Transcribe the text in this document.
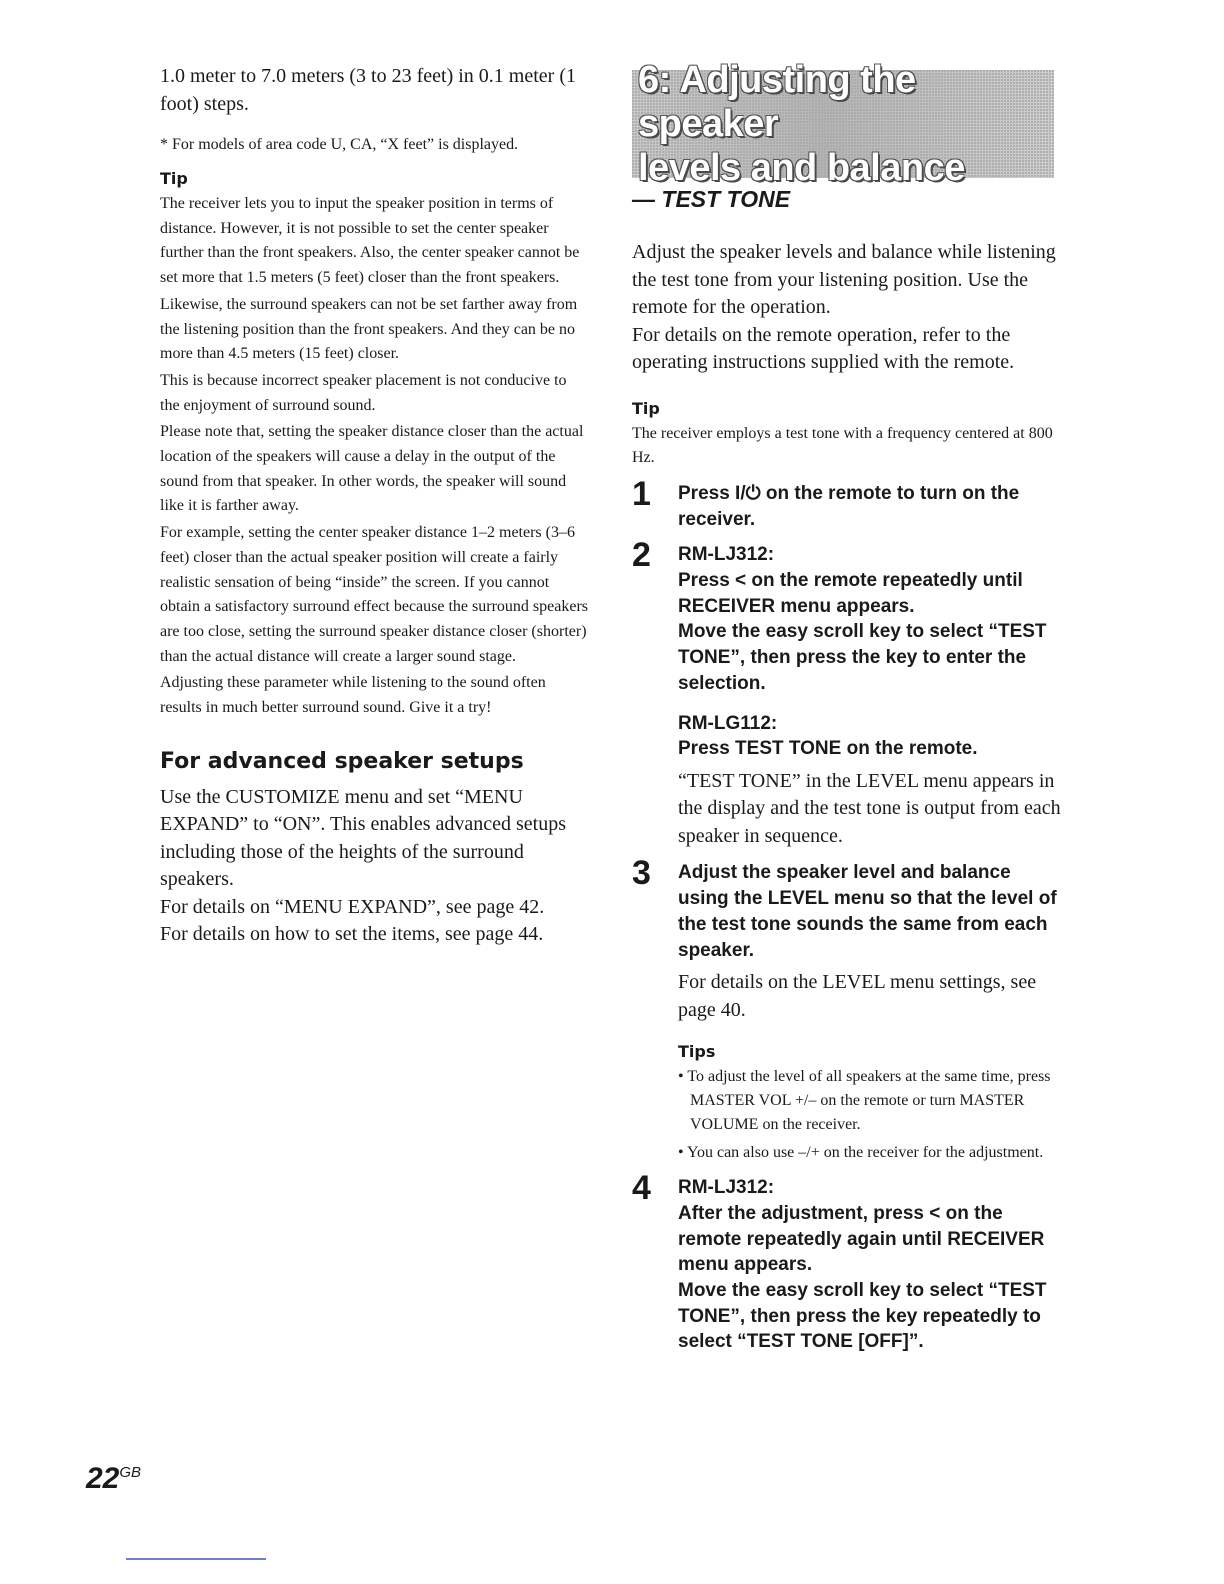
1.0 meter to 7.0 meters (3 to 23 feet) in 0.1 meter (1 foot) steps.

* For models of area code U, CA, “X feet” is displayed.

Tip

The receiver lets you to input the speaker position in terms of distance. However, it is not possible to set the center speaker further than the front speakers. Also, the center speaker cannot be set more that 1.5 meters (5 feet) closer than the front speakers.

Likewise, the surround speakers can not be set farther away from the listening position than the front speakers. And they can be no more than 4.5 meters (15 feet) closer.

This is because incorrect speaker placement is not conducive to the enjoyment of surround sound.

Please note that, setting the speaker distance closer than the actual location of the speakers will cause a delay in the output of the sound from that speaker. In other words, the speaker will sound like it is farther away.

For example, setting the center speaker distance 1–2 meters (3–6 feet) closer than the actual speaker position will create a fairly realistic sensation of being “inside” the screen. If you cannot obtain a satisfactory surround effect because the surround speakers are too close, setting the surround speaker distance closer (shorter) than the actual distance will create a larger sound stage.

Adjusting these parameter while listening to the sound often results in much better surround sound. Give it a try!

For advanced speaker setups

Use the CUSTOMIZE menu and set “MENU EXPAND” to “ON”. This enables advanced setups including those of the heights of the surround speakers.

For details on “MENU EXPAND”, see page 42.

For details on how to set the items, see page 44.

6: Adjusting the speaker
levels and balance
— TEST TONE

Adjust the speaker levels and balance while listening the test tone from your listening position. Use the remote for the operation.

For details on the remote operation, refer to the operating instructions supplied with the remote.

Tip

The receiver employs a test tone with a frequency centered at 800 Hz.

1 Press I/⏻ on the remote to turn on the receiver.

2 RM-LJ312:

Press < on the remote repeatedly until RECEIVER menu appears.

Move the easy scroll key to select “TEST TONE”, then press the key to enter the selection.

RM-LG112:

Press TEST TONE on the remote.

“TEST TONE” in the LEVEL menu appears in the display and the test tone is output from each speaker in sequence.

3 Adjust the speaker level and balance using the LEVEL menu so that the level of the test tone sounds the same from each speaker.

For details on the LEVEL menu settings, see page 40.

Tips

• To adjust the level of all speakers at the same time, press MASTER VOL +/– on the remote or turn MASTER VOLUME on the receiver.

• You can also use –/+ on the receiver for the adjustment.

4 RM-LJ312:

After the adjustment, press < on the remote repeatedly again until RECEIVER menu appears.

Move the easy scroll key to select “TEST TONE”, then press the key repeatedly to select “TEST TONE [OFF]”.

$22^{GB}$
